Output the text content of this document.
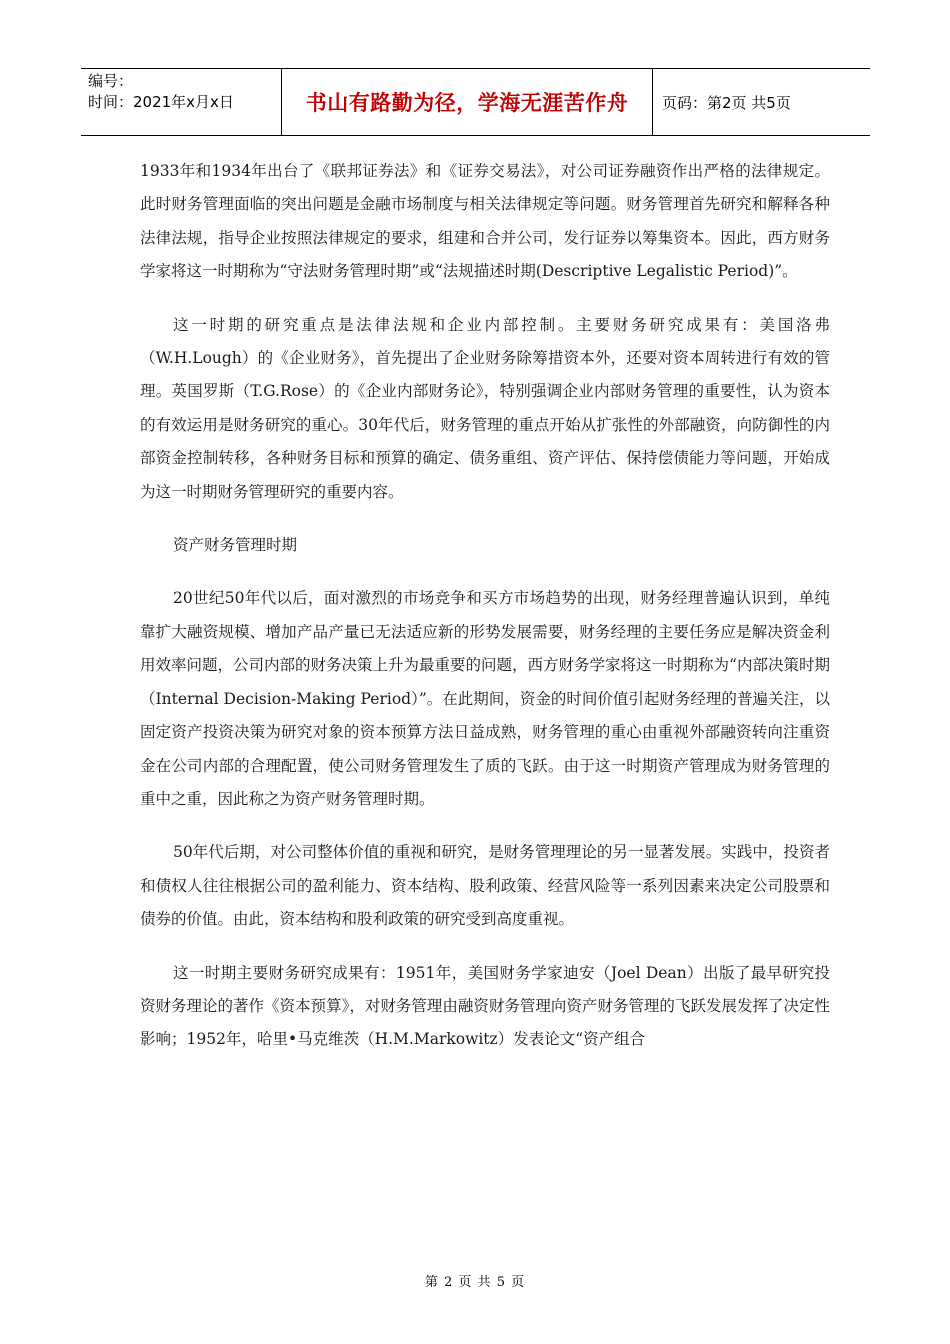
编号：
时间：2021年x月x日	书山有路勤为径，学海无涯苦作舟	页码：第2页 共5页

1933年和1934年出台了《联邦证券法》和《证券交易法》，对公司证券融资作出严格的法律规定。此时财务管理面临的突出问题是金融市场制度与相关法律规定等问题。财务管理首先研究和解释各种法律法规，指导企业按照法律规定的要求，组建和合并公司，发行证券以筹集资本。因此，西方财务学家将这一时期称为“守法财务管理时期”或“法规描述时期(Descriptive Legalistic Period)”。

这一时期的研究重点是法律法规和企业内部控制。主要财务研究成果有：美国洛弗（W.H.Lough）的《企业财务》，首先提出了企业财务除筹措资本外，还要对资本周转进行有效的管理。英国罗斯（T.G.Rose）的《企业内部财务论》，特别强调企业内部财务管理的重要性，认为资本的有效运用是财务研究的重心。30年代后，财务管理的重点开始从扩张性的外部融资，向防御性的内部资金控制转移，各种财务目标和预算的确定、债务重组、资产评估、保持偿债能力等问题，开始成为这一时期财务管理研究的重要内容。

资产财务管理时期

20世纪50年代以后，面对激烈的市场竞争和买方市场趋势的出现，财务经理普遍认识到，单纯靠扩大融资规模、增加产品产量已无法适应新的形势发展需要，财务经理的主要任务应是解决资金利用效率问题，公司内部的财务决策上升为最重要的问题，西方财务学家将这一时期称为“内部决策时期（Internal Decision-Making Period）”。在此期间，资金的时间价值引起财务经理的普遍关注，以固定资产投资决策为研究对象的资本预算方法日益成熟，财务管理的重心由重视外部融资转向注重资金在公司内部的合理配置，使公司财务管理发生了质的飞跃。由于这一时期资产管理成为财务管理的重中之重，因此称之为资产财务管理时期。

50年代后期，对公司整体价值的重视和研究，是财务管理理论的另一显著发展。实践中，投资者和债权人往往根据公司的盈利能力、资本结构、股利政策、经营风险等一系列因素来决定公司股票和债券的价值。由此，资本结构和股利政策的研究受到高度重视。

这一时期主要财务研究成果有：1951年，美国财务学家迪安（Joel Dean）出版了最早研究投资财务理论的著作《资本预算》，对财务管理由融资财务管理向资产财务管理的飞跃发展发挥了决定性影响；1952年，哈里•马克维茨（H.M.Markowitz）发表论文“资产组合

第 2 页 共 5 页
